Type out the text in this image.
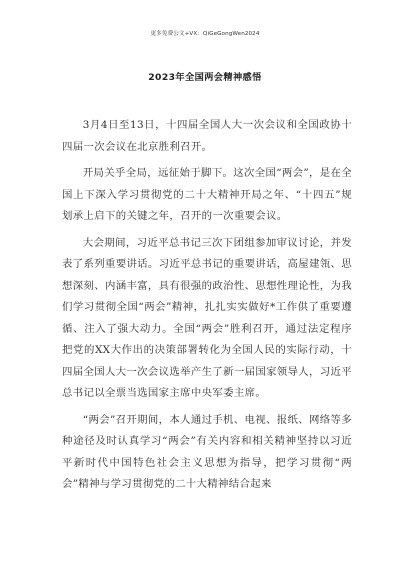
更多免费公文+VX：QiGeGongWen2024
2023年全国两会精神感悟

3月4日至13日，十四届全国人大一次会议和全国政协十四届一次会议在北京胜利召开。

开局关乎全局，远征始于脚下。这次全国“两会”，是在全国上下深入学习贯彻党的二十大精神开局之年、“十四五”规划承上启下的关键之年，召开的一次重要会议。

大会期间，习近平总书记三次下团组参加审议讨论，并发表了系列重要讲话。习近平总书记的重要讲话，高屋建瓴、思想深刻、内涵丰富，具有很强的政治性、思想性理论性，为我们学习贯彻全国“两会”精神，扎扎实实做好*工作供了重要遵循、注入了强大动力。全国“两会”胜利召开，通过法定程序把党的XX大作出的决策部署转化为全国人民的实际行动，十四届全国人大一次会议选举产生了新一届国家领导人，习近平总书记以全票当选国家主席中央军委主席。

“两会”召开期间，本人通过手机、电视、报纸、网络等多种途径及时认真学习“两会”有关内容和相关精神坚持以习近平新时代中国特色社会主义思想为指导，把学习贯彻“两会”精神与学习贯彻党的二十大精神结合起来
